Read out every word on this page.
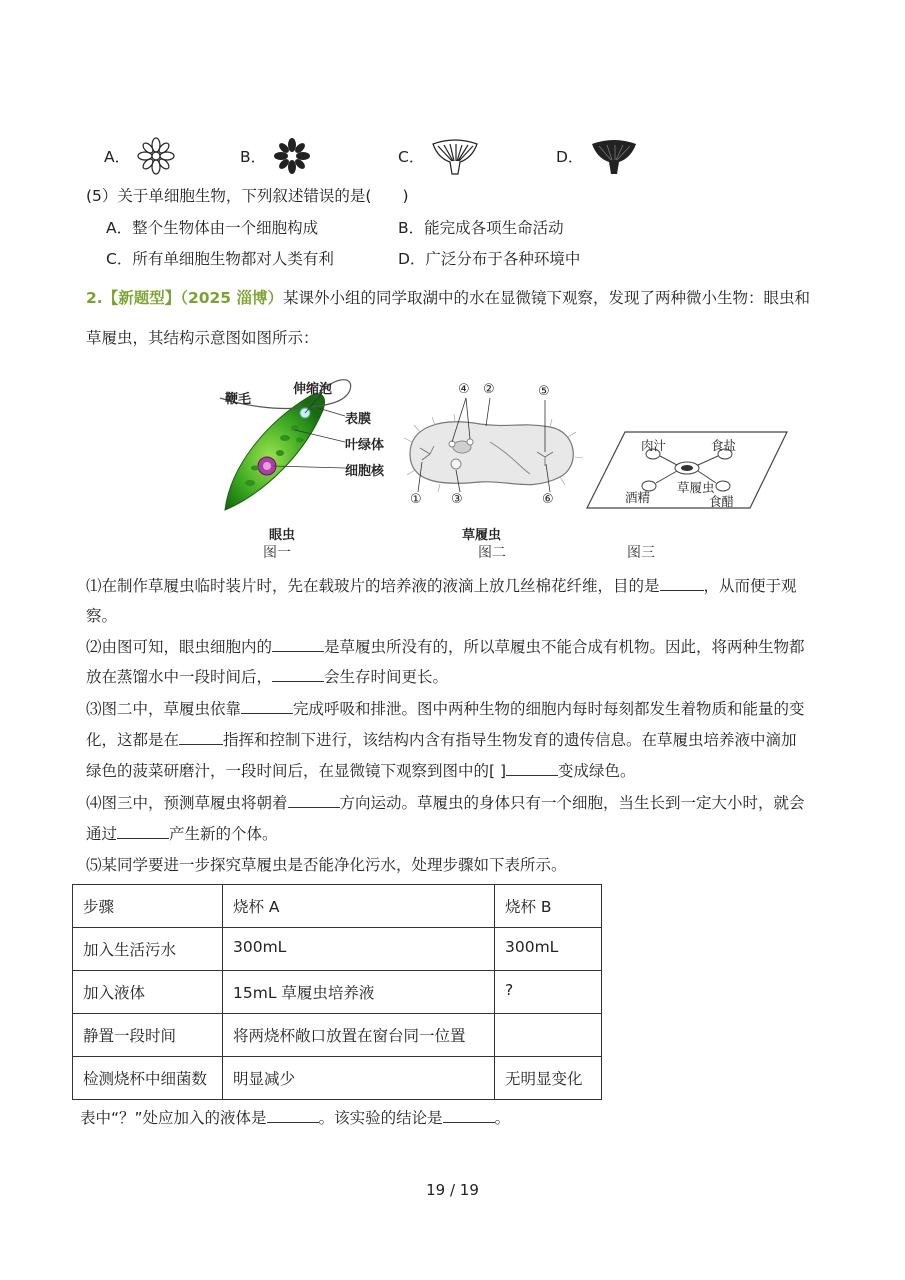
A．	B．	C．	D．
(5）关于单细胞生物，下列叙述错误的是(　　)
A．整个生物体由一个细胞构成	B．能完成各项生命活动
C．所有单细胞生物都对人类有利	D．广泛分布于各种环境中
2.【新题型】（2025 淄博）某课外小组的同学取湖中的水在显微镜下观察，发现了两种微小生物：眼虫和
草履虫，其结构示意图如图所示：
鞭毛
伸缩泡
表膜
叶绿体
细胞核
眼虫
图一
④ ②	⑤
① ③	⑥
草履虫
图二
肉汁	食盐
酒精
草履虫
食醋
图三
⑴在制作草履虫临时装片时，先在载玻片的培养液的液滴上放几丝棉花纤维，目的是	，从而便于观
察。
⑵由图可知，眼虫细胞内的	是草履虫所没有的，所以草履虫不能合成有机物。因此，将两种生物都
放在蒸馏水中一段时间后，	会生存时间更长。
⑶图二中，草履虫依靠	完成呼吸和排泄。图中两种生物的细胞内每时每刻都发生着物质和能量的变
化，这都是在	指挥和控制下进行，该结构内含有指导生物发育的遗传信息。在草履虫培养液中滴加
绿色的菠菜研磨汁，一段时间后，在显微镜下观察到图中的[ ]	变成绿色。
⑷图三中，预测草履虫将朝着	方向运动。草履虫的身体只有一个细胞，当生长到一定大小时，就会
通过	产生新的个体。
⑸某同学要进一步探究草履虫是否能净化污水，处理步骤如下表所示。
步骤	烧杯 A	烧杯 B
加入生活污水	300mL	300mL
加入液体	15mL 草履虫培养液	?
静置一段时间	将两烧杯敞口放置在窗台同一位置	
检测烧杯中细菌数	明显减少	无明显变化
表中“？”处应加入的液体是	。该实验的结论是	。
19 / 19
